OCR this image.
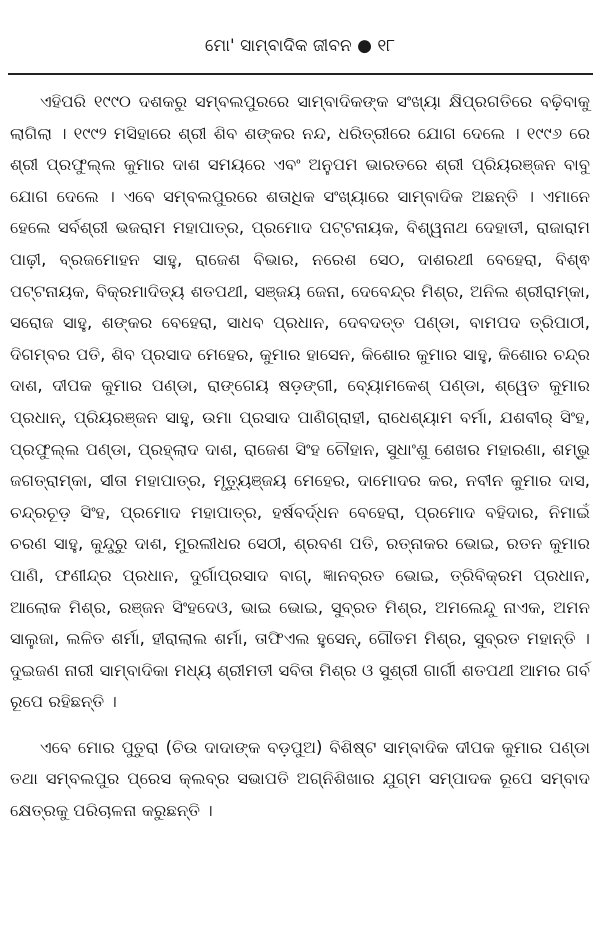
ମୋ' ସାମ୍ବାଦିକ ଜୀବନ ● ୧୮

ଏହିପରି ୧୯୯୦ ଦଶକରୁ ସମ୍ବଲପୁରରେ ସାମ୍ବାଦିକଙ୍କ ସଂଖ୍ୟା କ୍ଷିପ୍ରଗତିରେ ବଢ଼ିବାକୁ ଲାଗିଲା । ୧୯୯୨ ମସିହାରେ ଶ୍ରୀ ଶିବ ଶଙ୍କର ନନ୍ଦ, ଧରିତ୍ରୀରେ ଯୋଗ ଦେଲେ । ୧୯୯୬ ରେ ଶ୍ରୀ ପ୍ରଫୁଲ୍ଲ କୁମାର ଦାଶ ସମୟରେ ଏବଂ ଅନୁପମ ଭାରତରେ ଶ୍ରୀ ପ୍ରିୟରଞ୍ଜନ ବାବୁ ଯୋଗ ଦେଲେ । ଏବେ ସମ୍ବଲପୁରରେ ଶତାଧିକ ସଂଖ୍ୟାରେ ସାମ୍ବାଦିକ ଅଛନ୍ତି । ଏମାନେ ହେଲେ ସର୍ବଶ୍ରୀ ଭଜରାମ ମହାପାତ୍ର, ପ୍ରମୋଦ ପଟ୍ଟନାୟକ, ବିଶ୍ୱନାଥ ଦେହାତୀ, ରାଜାରାମ ପାଢ଼ୀ, ବ୍ରଜମୋହନ ସାହୁ, ରାଜେଶ ବିଭାର, ନରେଶ ସେଠ, ଦାଶରଥୀ ବେହେରା, ବିଶ୍ଵ ପଟ୍ଟନାୟକ, ବିକ୍ରମାଦିତ୍ୟ ଶତପଥୀ, ସଞ୍ଜୟ ଜେନା, ଦେବେନ୍ଦ୍ର ମିଶ୍ର, ଅନିଲ ଶ୍ରୀରାମ୍‌କା, ସରୋଜ ସାହୁ, ଶଙ୍କର ବେହେରା, ସାଧବ ପ୍ରଧାନ, ଦେବଦତ୍ତ ପଣ୍ଡା, ବାମପଦ ତ୍ରିପାଠୀ, ଦିଗମ୍ବର ପତି, ଶିବ ପ୍ରସାଦ ମେହେର, କୁମାର ହାସେନ, କିଶୋର କୁମାର ସାହୁ, କିଶୋର ଚନ୍ଦ୍ର ଦାଶ, ଦୀପକ କୁମାର ପଣ୍ଡା, ରାଙ୍ଗେୟ ଷଡ଼ଙ୍ଗୀ, ବ୍ୟୋମକେଶ୍ ପଣ୍ଡା, ଶ୍ୱେତ କୁମାର ପ୍ରଧାନ୍, ପ୍ରିୟରଞ୍ଜନ ସାହୁ, ଉମା ପ୍ରସାଦ ପାଣିଗ୍ରାହୀ, ରାଧେଶ୍ୟାମ ବର୍ମା, ଯଶବୀର୍ ସିଂହ, ପ୍ରଫୁଲ୍ଲ ପଣ୍ଡା, ପ୍ରହ୍ଲାଦ ଦାଶ, ରାଜେଶ ସିଂହ ଚୌହାନ, ସୁଧାଂଶୁ ଶେଖର ମହାରଣା, ଶମ୍ଭୁ ଜଗତ୍‌ରାମ୍‌କା, ସୀତା ମହାପାତ୍ର, ମୃତ୍ୟୁଞ୍ଜୟ ମେହେର, ଦାମୋଦର କର, ନବୀନ କୁମାର ଦାସ, ଚନ୍ଦ୍ରଚୂଡ଼ ସିଂହ, ପ୍ରମୋଦ ମହାପାତ୍ର, ହର୍ଷବର୍ଦ୍ଧନ ବେହେରା, ପ୍ରମୋଦ ବହିଦାର, ନିମାଇଁ ଚରଣ ସାହୁ, କୁନ୍ଦୁରୁ ଦାଶ, ମୁରଲୀଧର ସେଠୀ, ଶ୍ରବଣ ପତି, ରତ୍ନାକର ଭୋଇ, ରତନ କୁମାର ପାଣି, ଫଣୀନ୍ଦ୍ର ପ୍ରଧାନ, ଦୁର୍ଗାପ୍ରସାଦ ବାଗ୍, ଜ୍ଞାନବ୍ରତ ଭୋଇ, ତ୍ରିବିକ୍ରମ ପ୍ରଧାନ, ଆଲୋକ ମିଶ୍ର, ରଞ୍ଜନ ସିଂହଦେଓ, ଭାଇ ଭୋଇ, ସୁବ୍ରତ ମିଶ୍ର, ଅମଲେନ୍ଦୁ ନାଏକ, ଅମନ ସାଲୁଜା, ଲଳିତ ଶର୍ମା, ହୀରାଲାଲ ଶର୍ମା, ତାଫିଏଲ ହୁସେନ୍, ଗୌତମ ମିଶ୍ର, ସୁବ୍ରତ ମହାନ୍ତି । ଦୁଇଜଣ ନାରୀ ସାମ୍ବାଦିକା ମଧ୍ୟ ଶ୍ରୀମତୀ ସବିତା ମିଶ୍ର ଓ ସୁଶ୍ରୀ ଗାର୍ଗୀ ଶତପଥୀ ଆମର ଗର୍ବ ରୂପେ ରହିଛନ୍ତି ।

ଏବେ ମୋର ପୁତୁରା (ଚିଉ ଦାଦାଙ୍କ ବଡ଼ପୁଅ) ବିଶିଷ୍ଟ ସାମ୍ବାଦିକ ଦୀପକ କୁମାର ପଣ୍ଡା ତଥା ସମ୍ବଲପୁର ପ୍ରେସ କ୍ଲବ୍‌ର ସଭାପତି ଅଗ୍ନିଶିଖାର ଯୁଗ୍ମ ସମ୍ପାଦକ ରୂପେ ସମ୍ବାଦ କ୍ଷେତ୍ରକୁ ପରିଚାଳନା କରୁଛନ୍ତି ।
